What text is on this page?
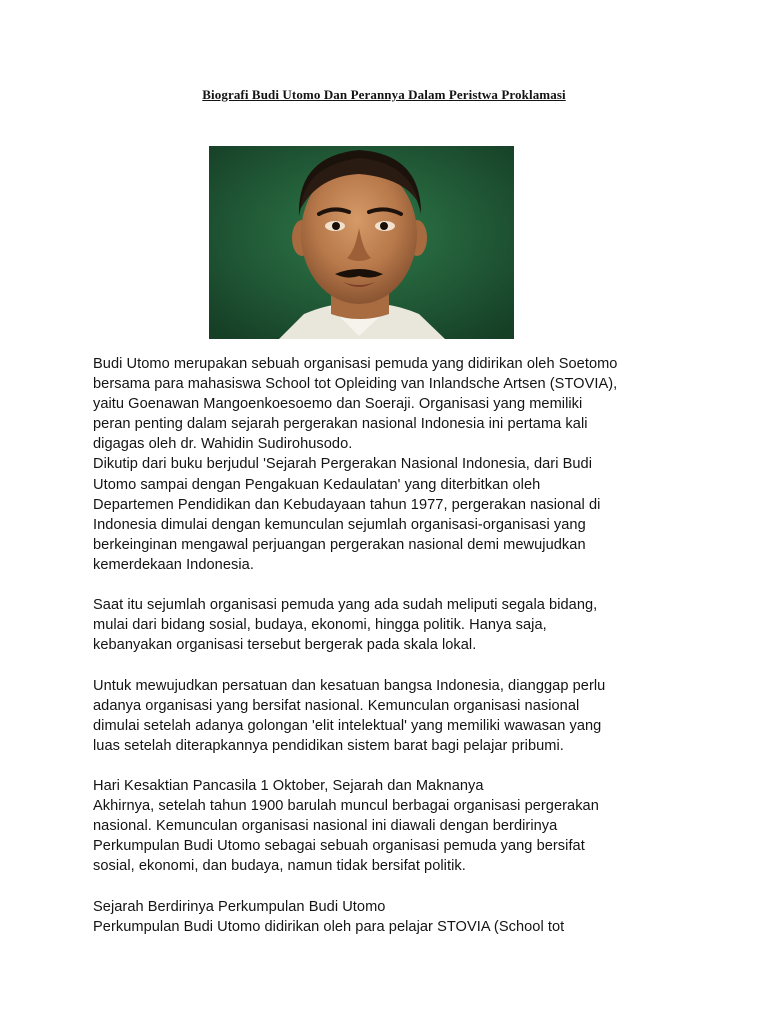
Biografi Budi Utomo Dan Perannya Dalam Peristwa Proklamasi

Budi Utomo merupakan sebuah organisasi pemuda yang didirikan oleh Soetomo
bersama para mahasiswa School tot Opleiding van Inlandsche Artsen (STOVIA),
yaitu Goenawan Mangoenkoesoemo dan Soeraji. Organisasi yang memiliki
peran penting dalam sejarah pergerakan nasional Indonesia ini pertama kali
digagas oleh dr. Wahidin Sudirohusodo.

Dikutip dari buku berjudul 'Sejarah Pergerakan Nasional Indonesia, dari Budi
Utomo sampai dengan Pengakuan Kedaulatan' yang diterbitkan oleh
Departemen Pendidikan dan Kebudayaan tahun 1977, pergerakan nasional di
Indonesia dimulai dengan kemunculan sejumlah organisasi-organisasi yang
berkeinginan mengawal perjuangan pergerakan nasional demi mewujudkan
kemerdekaan Indonesia.

Saat itu sejumlah organisasi pemuda yang ada sudah meliputi segala bidang,
mulai dari bidang sosial, budaya, ekonomi, hingga politik. Hanya saja,
kebanyakan organisasi tersebut bergerak pada skala lokal.

Untuk mewujudkan persatuan dan kesatuan bangsa Indonesia, dianggap perlu
adanya organisasi yang bersifat nasional. Kemunculan organisasi nasional
dimulai setelah adanya golongan 'elit intelektual' yang memiliki wawasan yang
luas setelah diterapkannya pendidikan sistem barat bagi pelajar pribumi.

Hari Kesaktian Pancasila 1 Oktober, Sejarah dan Maknanya

Akhirnya, setelah tahun 1900 barulah muncul berbagai organisasi pergerakan
nasional. Kemunculan organisasi nasional ini diawali dengan berdirinya
Perkumpulan Budi Utomo sebagai sebuah organisasi pemuda yang bersifat
sosial, ekonomi, dan budaya, namun tidak bersifat politik.

Sejarah Berdirinya Perkumpulan Budi Utomo

Perkumpulan Budi Utomo didirikan oleh para pelajar STOVIA (School tot
